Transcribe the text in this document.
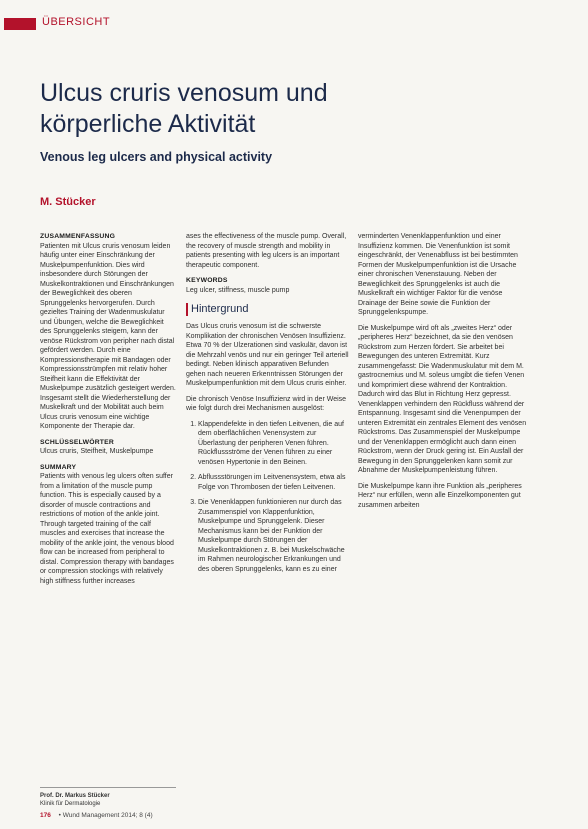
ÜBERSICHT
Ulcus cruris venosum und körperliche Aktivität
Venous leg ulcers and physical activity
M. Stücker
ZUSAMMENFASSUNG

Patienten mit Ulcus cruris venosum leiden häufig unter einer Einschränkung der Muskelpumpenfunktion. Dies wird insbesondere durch Störungen der Muskelkontraktionen und Einschränkungen der Beweglichkeit des oberen Sprunggelenks hervorgerufen. Durch gezieltes Training der Wadenmuskulatur und Übungen, welche die Beweglichkeit des Sprunggelenks steigern, kann der venöse Rückstrom von peripher nach distal gefördert werden. Durch eine Kompressionstherapie mit Bandagen oder Kompressionsstrümpfen mit relativ hoher Steifheit kann die Effektivität der Muskelpumpe zusätzlich gesteigert werden. Insgesamt stellt die Wiederherstellung der Muskelkraft und der Mobilität auch beim Ulcus cruris venosum eine wichtige Komponente der Therapie dar.

SCHLÜSSELWÖRTER

Ulcus cruris, Steifheit, Muskelpumpe

SUMMARY

Patients with venous leg ulcers often suffer from a limitation of the muscle pump function. This is especially caused by a disorder of muscle contractions and restrictions of motion of the ankle joint. Through targeted training of the calf muscles and exercises that increase the mobility of the ankle joint, the venous blood flow can be increased from peripheral to distal. Compression therapy with bandages or compression stockings with relatively high stiffness further increases

ases the effectiveness of the muscle pump. Overall, the recovery of muscle strength and mobility in patients presenting with leg ulcers is an important therapeutic component.

KEYWORDS

Leg ulcer, stiffness, muscle pump

Hintergrund

Das Ulcus cruris venosum ist die schwerste Komplikation der chronischen Venösen Insuffizienz. Etwa 70 % der Ulzerationen sind vaskulär, davon ist die Mehrzahl venös und nur ein geringer Teil arteriell bedingt. Neben klinisch apparativen Befunden gehen nach neueren Erkenntnissen Störungen der Muskelpumpenfunktion mit dem Ulcus cruris einher.

Die chronisch Venöse Insuffizienz wird in der Weise wie folgt durch drei Mechanismen ausgelöst:

1. Klappendefekte in den tiefen Leitvenen, die auf dem oberflächlichen Venensystem zur Überlastung der peripheren Venen führen. Rückflussströme der Venen führen zu einer venösen Hypertonie in den Beinen.
2. Abflussstörungen im Leitvenensystem, etwa als Folge von Thrombosen der tiefen Leitvenen.
3. Die Venenklappen funktionieren nur durch das Zusammenspiel von Klappenfunktion, Muskelpumpe und Sprunggelenk. Dieser Mechanismus kann bei der Funktion der Muskelpumpe durch Störungen der Muskelkontraktionen z. B. bei Muskelschwäche im Rahmen neurologischer Erkrankungen und des oberen Sprunggelenks, kann es zu einer

verminderten Venenklappenfunktion und einer Insuffizienz kommen. Die Venenfunktion ist somit eingeschränkt, der Venenabfluss ist bei bestimmten Formen der Muskelpumpenfunktion ist die Ursache einer chronischen Venenstauung. Neben der Beweglichkeit des Sprunggelenks ist auch die Muskelkraft ein wichtiger Faktor für die venöse Drainage der Beine sowie die Funktion der Sprunggelenkspumpe.

Die Muskelpumpe wird oft als „zweites Herz“ oder „peripheres Herz“ bezeichnet, da sie den venösen Rückstrom zum Herzen fördert. Sie arbeitet bei Bewegungen des unteren Extremität. Kurz zusammengefasst: Die Wadenmuskulatur mit dem M. gastrocnemius und M. soleus umgibt die tiefen Venen und komprimiert diese während der Kontraktion. Dadurch wird das Blut in Richtung Herz gepresst. Venenklappen verhindern den Rückfluss während der Entspannung. Insgesamt sind die Venenpumpen der unteren Extremität ein zentrales Element des venösen Rückstroms. Das Zusammenspiel der Muskelpumpe und der Venenklappen ermöglicht auch dann einen Rückstrom, wenn der Druck gering ist. Ein Ausfall der Bewegung in den Sprunggelenken kann somit zur Abnahme der Muskelpumpenleistung führen.

Die Muskelpumpe kann ihre Funktion als „peripheres Herz“ nur erfüllen, wenn alle Einzelkomponenten gut zusammen arbeiten

Prof. Dr. Markus Stücker
Klinik für Dermatologie
176 • Wund Management 2014; 8 (4)
